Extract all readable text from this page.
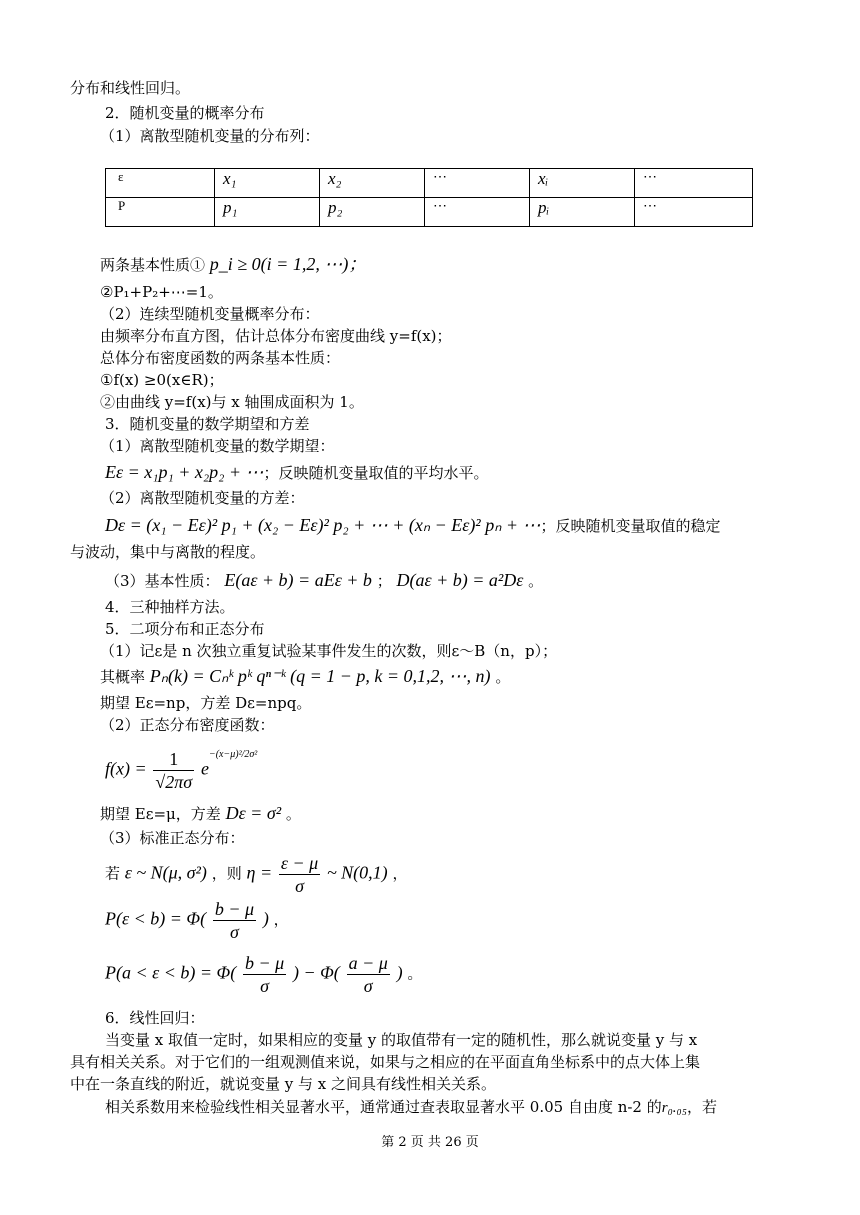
分布和线性回归。
2．随机变量的概率分布
（1）离散型随机变量的分布列：
ε	x₁	x₂	⋯	xᵢ	⋯
P	p₁	p₂	⋯	pᵢ	⋯
两条基本性质① p_i ≥ 0(i = 1,2, ⋯)；
②P₁+P₂+⋯=1。
（2）连续型随机变量概率分布：
由频率分布直方图，估计总体分布密度曲线 y=f(x)；
总体分布密度函数的两条基本性质：
①f(x) ≥0(x∈R)；
②由曲线 y=f(x)与 x 轴围成面积为 1。
3．随机变量的数学期望和方差
（1）离散型随机变量的数学期望：
Eε = x₁p₁ + x₂p₂ + ⋯；反映随机变量取值的平均水平。
（2）离散型随机变量的方差：
Dε = (x₁ − Eε)² p₁ + (x₂ − Eε)² p₂ + ⋯ + (xₙ − Eε)² pₙ + ⋯；反映随机变量取值的稳定
与波动，集中与离散的程度。
（3）基本性质： E(aε + b) = aEε + b ； D(aε + b) = a²Dε 。
4．三种抽样方法。
5．二项分布和正态分布
（1）记ε是 n 次独立重复试验某事件发生的次数，则ε～B（n，p）；
其概率 Pₙ(k) = Cₙᵏ pᵏ qⁿ⁻ᵏ (q = 1 − p, k = 0,1,2, ⋯, n) 。
期望 Eε=np，方差 Dε=npq。
（2）正态分布密度函数：
$f(x) = \frac{1}{√2\pi\sigma} e^{-(x-\mu)^2/2\sigma^2}$
期望 Eε=μ，方差 Dε = σ² 。
（3）标准正态分布：
若 ε ~ N(μ, σ²) ，则 $\eta = \frac{\varepsilon - \mu}{\sigma}$ ~ N(0,1) ，
$P(\varepsilon < b) = \Phi( \frac{b - \mu}{\sigma}$ ) ，
$P(a < \varepsilon < b) = \Phi( \frac{b - \mu}{\sigma}$ ) − $\Phi( \frac{a - \mu}{\sigma}$ ) 。
6．线性回归：
当变量 x 取值一定时，如果相应的变量 y 的取值带有一定的随机性，那么就说变量 y 与 x
具有相关关系。对于它们的一组观测值来说，如果与之相应的在平面直角坐标系中的点大体上集
中在一条直线的附近，就说变量 y 与 x 之间具有线性相关关系。
相关系数用来检验线性相关显著水平，通常通过查表取显著水平 0.05 自由度 n-2 的r₀.₀₅，若
第 2 页 共 26 页
